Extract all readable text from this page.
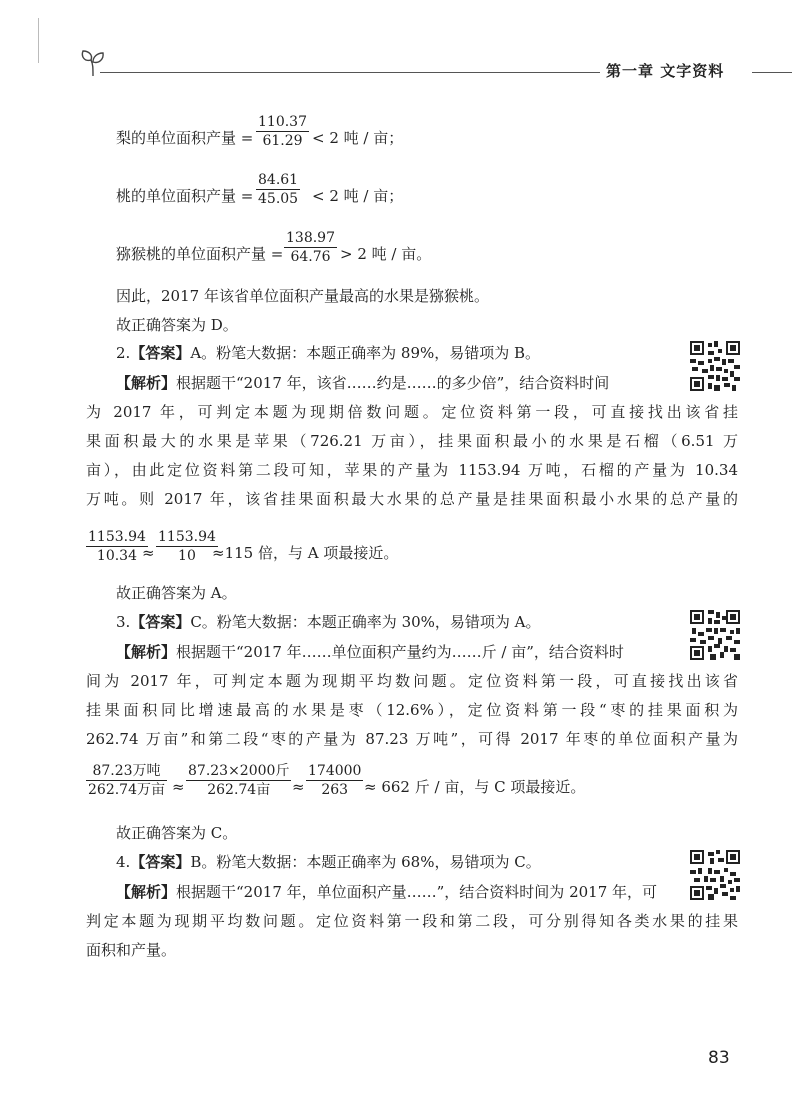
第一章 文字资料
梨的单位面积产量 = $\frac{110.37}{61.29} < 2$ 吨 / 亩；
桃的单位面积产量 = $\frac{84.61}{45.05} < 2$ 吨 / 亩；
猕猴桃的单位面积产量 = $\frac{138.97}{64.76} > 2$ 吨 / 亩。
因此，2017 年该省单位面积产量最高的水果是猕猴桃。
故正确答案为 D。
2.【答案】A。粉笔大数据：本题正确率为 89%，易错项为 B。
【解析】根据题干“2017 年，该省……约是……的多少倍”，结合资料时间
为 2017 年，可判定本题为现期倍数问题。定位资料第一段，可直接找出该省挂
果面积最大的水果是苹果（726.21 万亩），挂果面积最小的水果是石榴（6.51 万
亩），由此定位资料第二段可知，苹果的产量为 1153.94 万吨，石榴的产量为 10.34
万吨。则 2017 年，该省挂果面积最大水果的总产量是挂果面积最小水果的总产量的
$\frac{1153.94}{10.34}$
≈ $\frac{1153.94}{10}$
≈115 倍，与 A 项最接近。
故正确答案为 A。
3.【答案】C。粉笔大数据：本题正确率为 30%，易错项为 A。
【解析】根据题干“2017 年……单位面积产量约为……斤 / 亩”，结合资料时
间为 2017 年，可判定本题为现期平均数问题。定位资料第一段，可直接找出该省
挂果面积同比增速最高的水果是枣（12.6%），定位资料第一段“枣的挂果面积为
262.74 万亩”和第二段“枣的产量为 87.23 万吨”，可得 2017 年枣的单位面积产量为
87.23万吨
262.74万亩 ≈
87.23×2000斤
262.74亩	≈ $\frac{174000}{263} \approx 662$ 斤 / 亩，与 C 项最接近。
故正确答案为 C。
4.【答案】B。粉笔大数据：本题正确率为 68%，易错项为 C。
【解析】根据题干“2017 年，单位面积产量……”，结合资料时间为 2017 年，可
判定本题为现期平均数问题。定位资料第一段和第二段，可分别得知各类水果的挂果
面积和产量。
83
